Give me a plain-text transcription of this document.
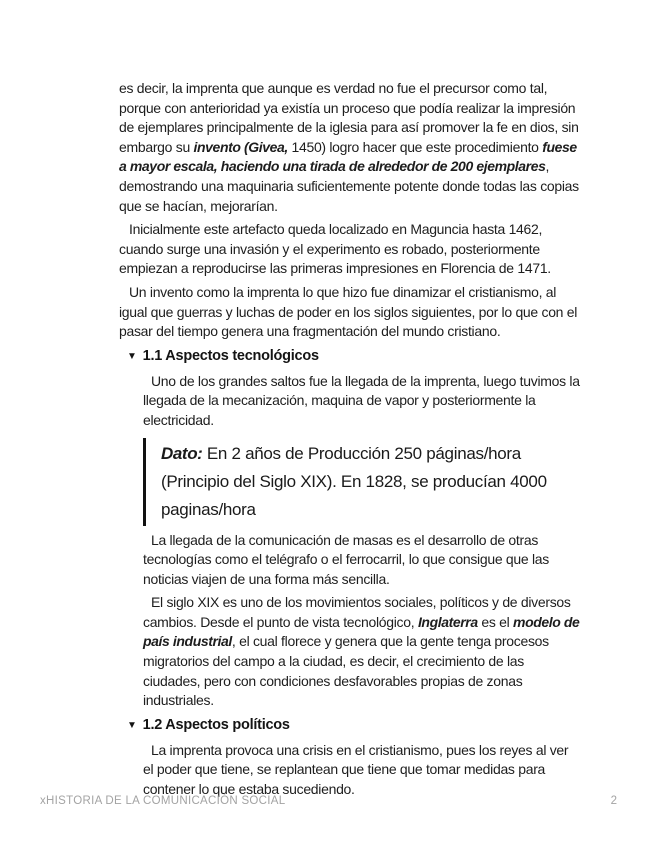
es decir, la imprenta que aunque es verdad no fue el precursor como tal, porque con anterioridad ya existía un proceso que podía realizar la impresión de ejemplares principalmente de la iglesia para así promover la fe en dios, sin embargo su invento (Givea, 1450) logro hacer que este procedimiento fuese a mayor escala, haciendo una tirada de alrededor de 200 ejemplares, demostrando una maquinaria suficientemente potente donde todas las copias que se hacían, mejorarían.

Inicialmente este artefacto queda localizado en Maguncia hasta 1462, cuando surge una invasión y el experimento es robado, posteriormente empiezan a reproducirse las primeras impresiones en Florencia de 1471.

Un invento como la imprenta lo que hizo fue dinamizar el cristianismo, al igual que guerras y luchas de poder en los siglos siguientes, por lo que con el pasar del tiempo genera una fragmentación del mundo cristiano.

▼ 1.1 Aspectos tecnológicos

Uno de los grandes saltos fue la llegada de la imprenta, luego tuvimos la llegada de la mecanización, maquina de vapor y posteriormente la electricidad.

Dato: En 2 años de Producción 250 páginas/hora (Principio del Siglo XIX). En 1828, se producían 4000 paginas/hora

La llegada de la comunicación de masas es el desarrollo de otras tecnologías como el telégrafo o el ferrocarril, lo que consigue que las noticias viajen de una forma más sencilla.

El siglo XIX es uno de los movimientos sociales, políticos y de diversos cambios. Desde el punto de vista tecnológico, Inglaterra es el modelo de país industrial, el cual florece y genera que la gente tenga procesos migratorios del campo a la ciudad, es decir, el crecimiento de las ciudades, pero con condiciones desfavorables propias de zonas industriales.

▼ 1.2 Aspectos políticos

La imprenta provoca una crisis en el cristianismo, pues los reyes al ver el poder que tiene, se replantean que tiene que tomar medidas para contener lo que estaba sucediendo.

xHISTORIA DE LA COMUNICACIÓN SOCIAL	2
